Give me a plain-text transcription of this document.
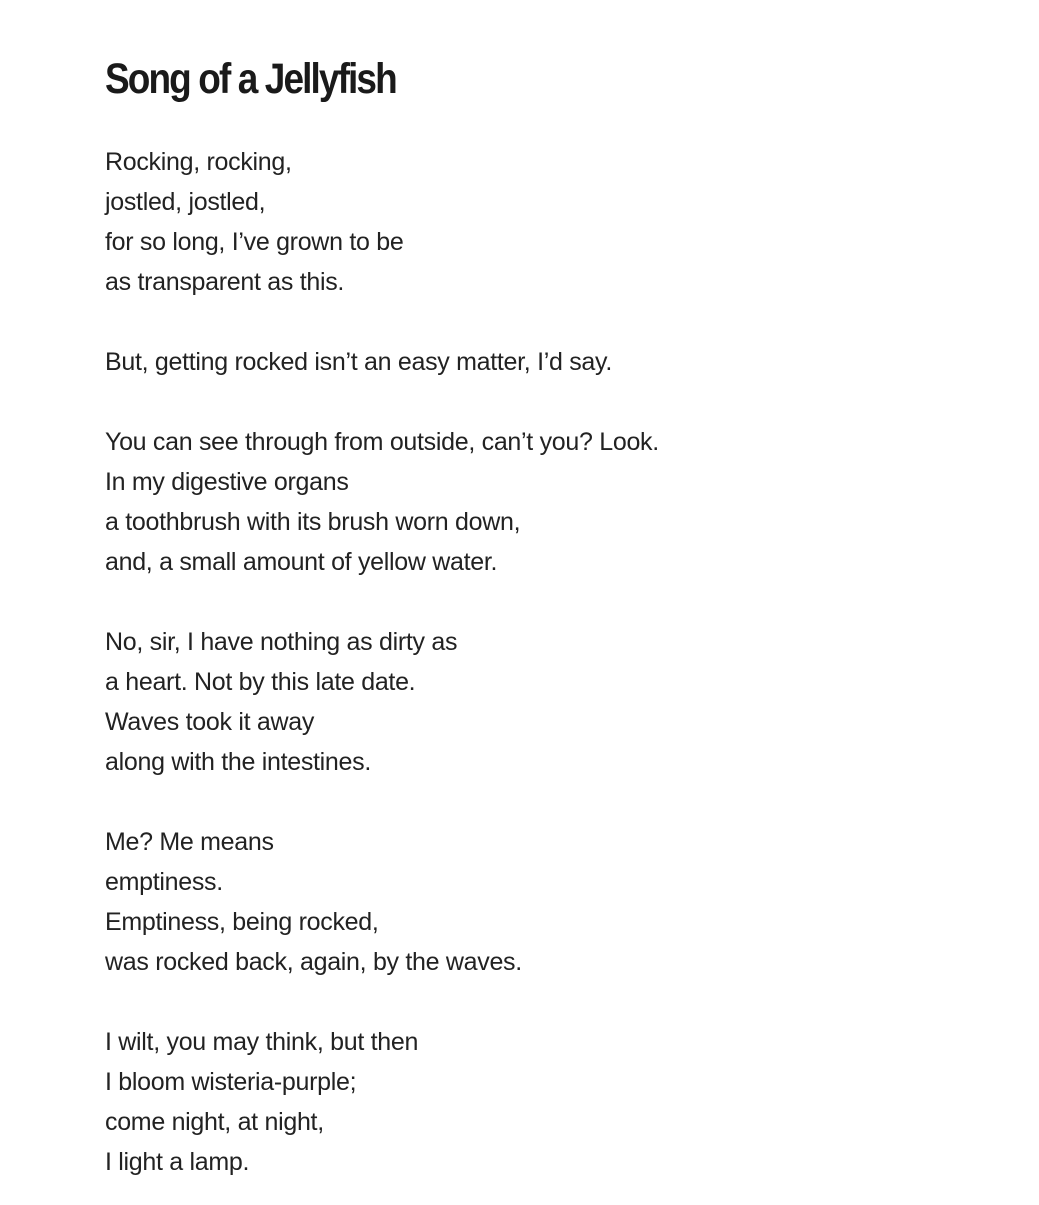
Song of a Jellyfish
Rocking, rocking,
jostled, jostled,
for so long, I’ve grown to be
as transparent as this.
But, getting rocked isn’t an easy matter, I’d say.
You can see through from outside, can’t you? Look.
In my digestive organs
a toothbrush with its brush worn down,
and, a small amount of yellow water.
No, sir, I have nothing as dirty as
a heart. Not by this late date.
Waves took it away
along with the intestines.
Me? Me means
emptiness.
Emptiness, being rocked,
was rocked back, again, by the waves.
I wilt, you may think, but then
I bloom wisteria-purple;
come night, at night,
I light a lamp.
